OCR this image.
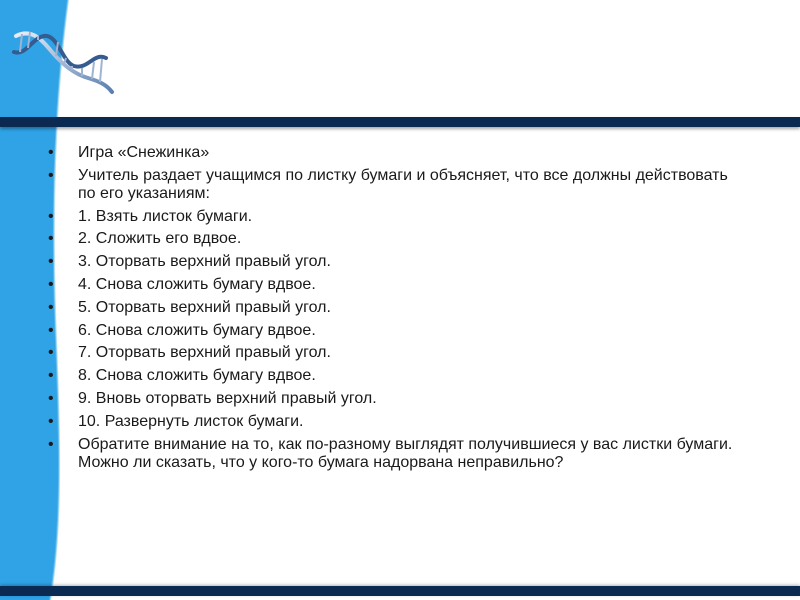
• Игра «Снежинка»
• Учитель раздает учащимся по листку бумаги и объясняет, что все должны действовать по его указаниям:
• 1. Взять листок бумаги.
• 2. Сложить его вдвое.
• 3. Оторвать верхний правый угол.
• 4. Снова сложить бумагу вдвое.
• 5. Оторвать верхний правый угол.
• 6. Снова сложить бумагу вдвое.
• 7. Оторвать верхний правый угол.
• 8. Снова сложить бумагу вдвое.
• 9. Вновь оторвать верхний правый угол.
• 10. Развернуть листок бумаги.
• Обратите внимание на то, как по-разному выглядят получившиеся у вас листки бумаги. Можно ли сказать, что у кого-то бумага надорвана неправильно?
